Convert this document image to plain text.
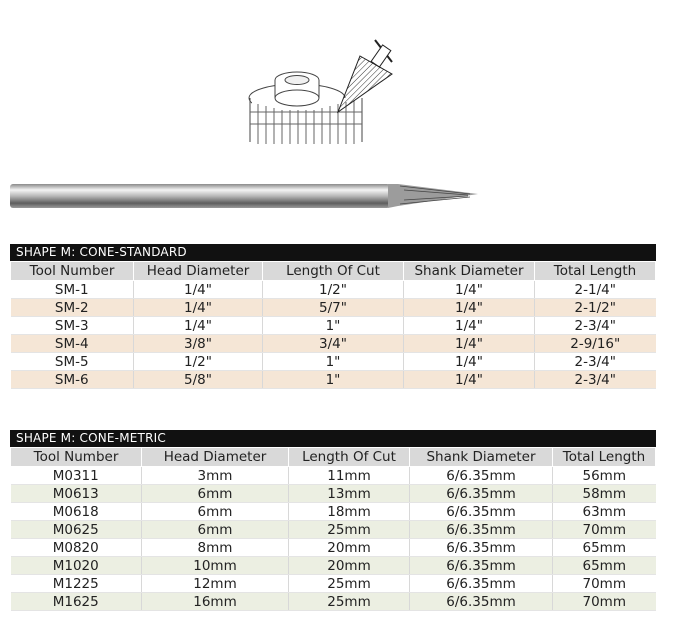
SHAPE M: CONE-STANDARD
Tool Number	Head Diameter	Length Of Cut	Shank Diameter	Total Length
SM-1	1/4"	1/2"	1/4"	2-1/4"
SM-2	1/4"	5/7"	1/4"	2-1/2"
SM-3	1/4"	1"	1/4"	2-3/4"
SM-4	3/8"	3/4"	1/4"	2-9/16"
SM-5	1/2"	1"	1/4"	2-3/4"
SM-6	5/8"	1"	1/4"	2-3/4"
SHAPE M: CONE-METRIC
Tool Number	Head Diameter	Length Of Cut	Shank Diameter	Total Length
M0311	3mm	11mm	6/6.35mm	56mm
M0613	6mm	13mm	6/6.35mm	58mm
M0618	6mm	18mm	6/6.35mm	63mm
M0625	6mm	25mm	6/6.35mm	70mm
M0820	8mm	20mm	6/6.35mm	65mm
M1020	10mm	20mm	6/6.35mm	65mm
M1225	12mm	25mm	6/6.35mm	70mm
M1625	16mm	25mm	6/6.35mm	70mm
